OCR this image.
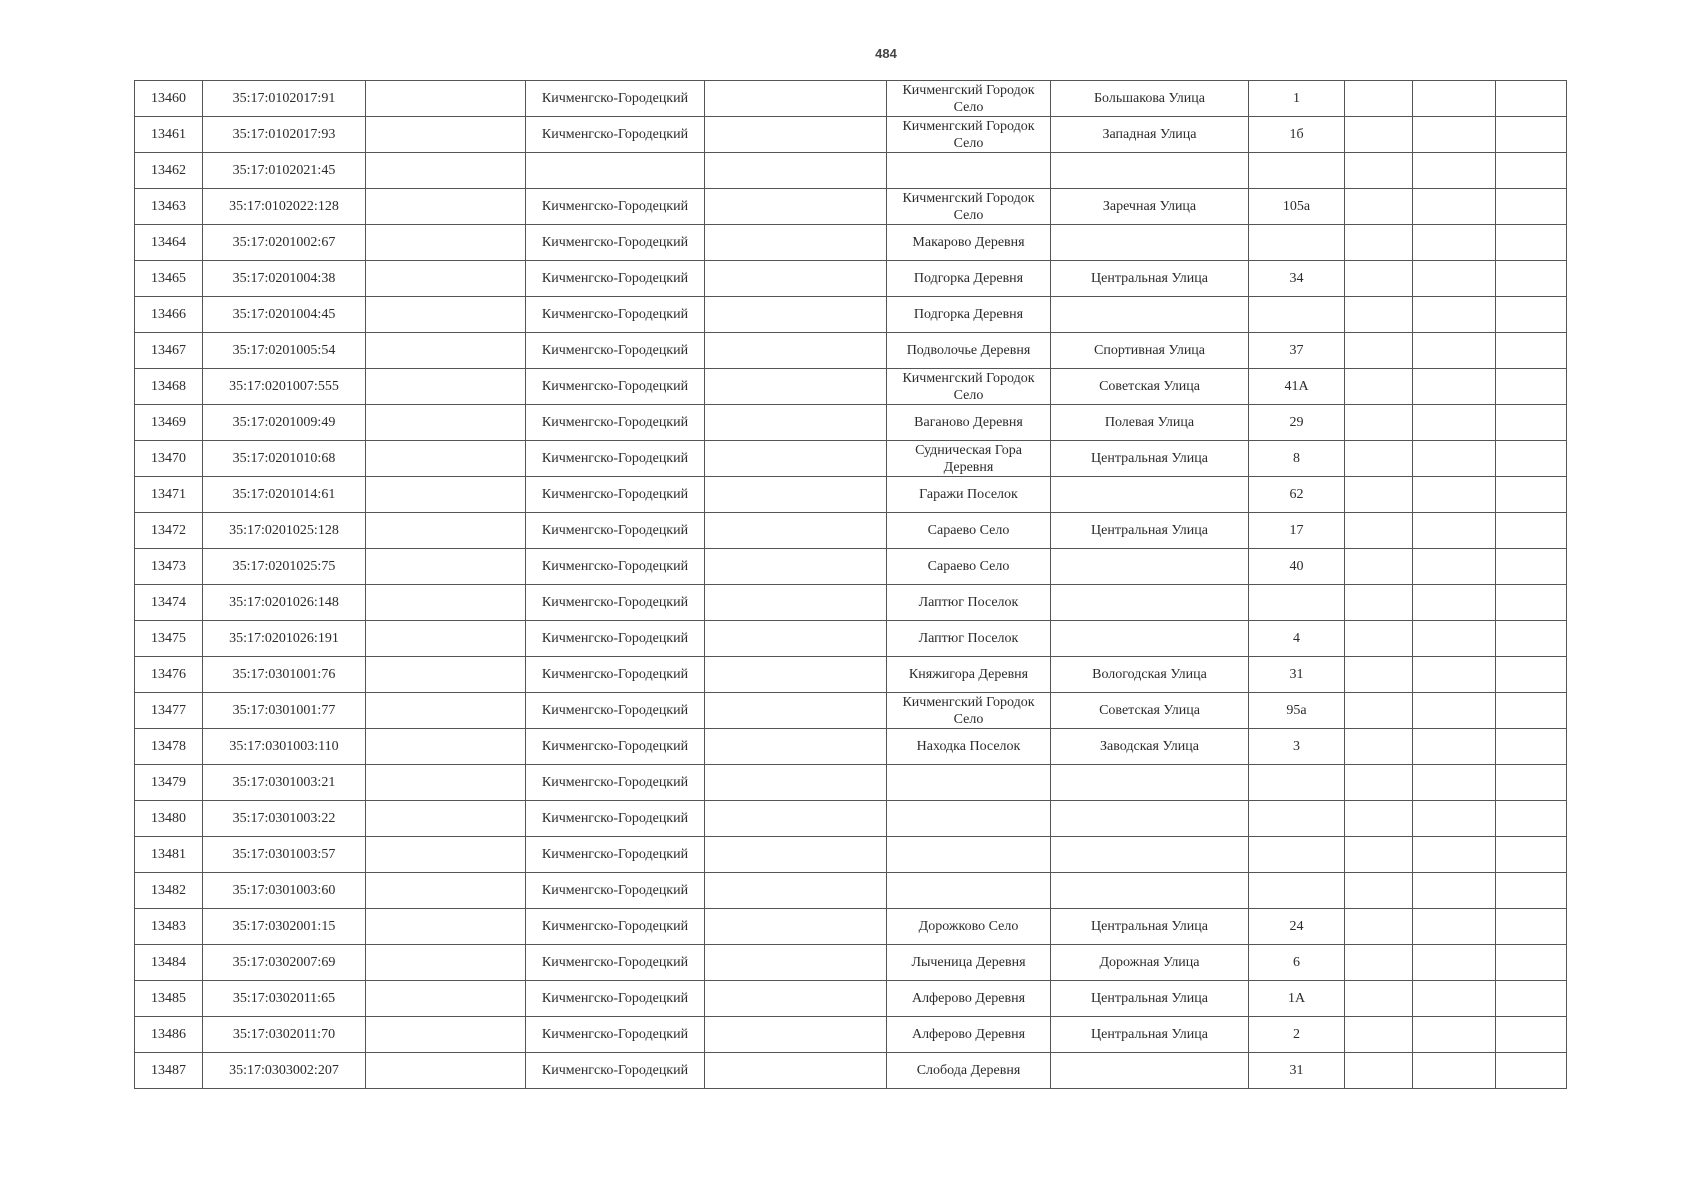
484
13460	35:17:0102017:91		Кичменгско-Городецкий		Кичменгский Городок Село	Большакова Улица	1			
13461	35:17:0102017:93		Кичменгско-Городецкий		Кичменгский Городок Село	Западная Улица	1б			
13462	35:17:0102021:45									
13463	35:17:0102022:128		Кичменгско-Городецкий		Кичменгский Городок Село	Заречная Улица	105а			
13464	35:17:0201002:67		Кичменгско-Городецкий		Макарово Деревня					
13465	35:17:0201004:38		Кичменгско-Городецкий		Подгорка Деревня	Центральная Улица	34			
13466	35:17:0201004:45		Кичменгско-Городецкий		Подгорка Деревня					
13467	35:17:0201005:54		Кичменгско-Городецкий		Подволочье Деревня	Спортивная Улица	37			
13468	35:17:0201007:555		Кичменгско-Городецкий		Кичменгский Городок Село	Советская Улица	41А			
13469	35:17:0201009:49		Кичменгско-Городецкий		Ваганово Деревня	Полевая Улица	29			
13470	35:17:0201010:68		Кичменгско-Городецкий		Судническая Гора Деревня	Центральная Улица	8			
13471	35:17:0201014:61		Кичменгско-Городецкий		Гаражи Поселок		62			
13472	35:17:0201025:128		Кичменгско-Городецкий		Сараево Село	Центральная Улица	17			
13473	35:17:0201025:75		Кичменгско-Городецкий		Сараево Село		40			
13474	35:17:0201026:148		Кичменгско-Городецкий		Лаптюг Поселок					
13475	35:17:0201026:191		Кичменгско-Городецкий		Лаптюг Поселок		4			
13476	35:17:0301001:76		Кичменгско-Городецкий		Княжигора Деревня	Вологодская Улица	31			
13477	35:17:0301001:77		Кичменгско-Городецкий		Кичменгский Городок Село	Советская Улица	95а			
13478	35:17:0301003:110		Кичменгско-Городецкий		Находка Поселок	Заводская Улица	3			
13479	35:17:0301003:21		Кичменгско-Городецкий							
13480	35:17:0301003:22		Кичменгско-Городецкий							
13481	35:17:0301003:57		Кичменгско-Городецкий							
13482	35:17:0301003:60		Кичменгско-Городецкий							
13483	35:17:0302001:15		Кичменгско-Городецкий		Дорожково Село	Центральная Улица	24			
13484	35:17:0302007:69		Кичменгско-Городецкий		Лыченица Деревня	Дорожная Улица	6			
13485	35:17:0302011:65		Кичменгско-Городецкий		Алферово Деревня	Центральная Улица	1А			
13486	35:17:0302011:70		Кичменгско-Городецкий		Алферово Деревня	Центральная Улица	2			
13487	35:17:0303002:207		Кичменгско-Городецкий		Слобода Деревня		31			
